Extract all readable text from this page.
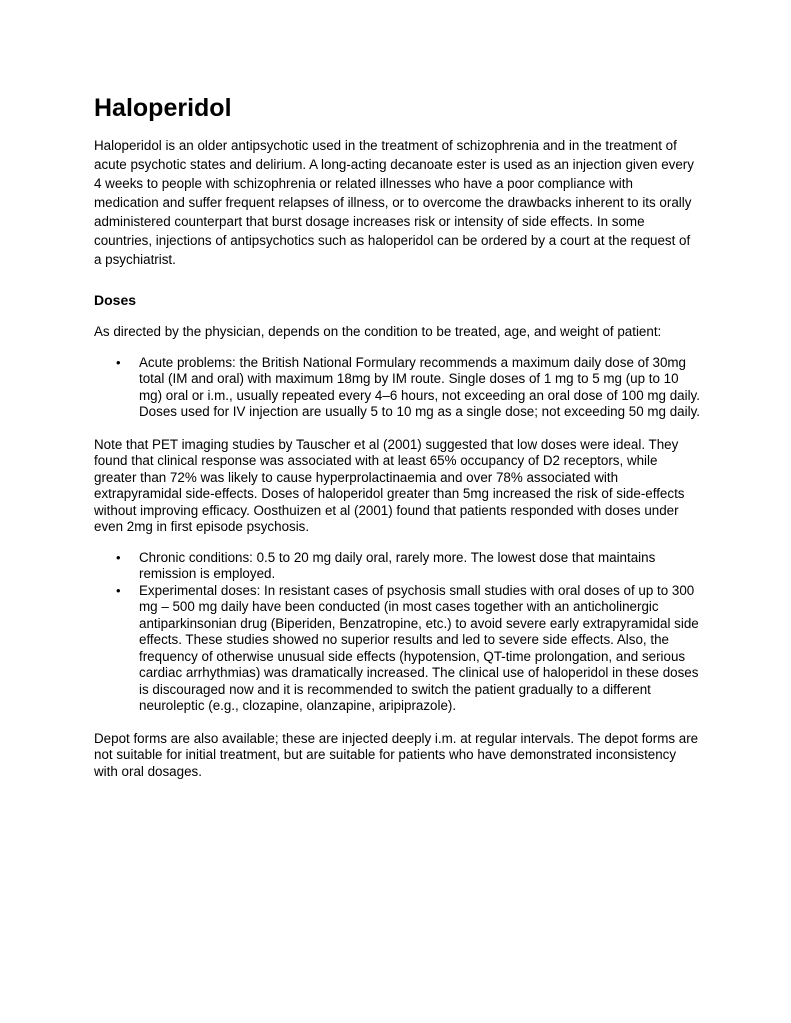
Haloperidol

Haloperidol is an older antipsychotic used in the treatment of schizophrenia and in the treatment of acute psychotic states and delirium. A long-acting decanoate ester is used as an injection given every 4 weeks to people with schizophrenia or related illnesses who have a poor compliance with medication and suffer frequent relapses of illness, or to overcome the drawbacks inherent to its orally administered counterpart that burst dosage increases risk or intensity of side effects. In some countries, injections of antipsychotics such as haloperidol can be ordered by a court at the request of a psychiatrist.

Doses

As directed by the physician, depends on the condition to be treated, age, and weight of patient:

• Acute problems: the British National Formulary recommends a maximum daily dose of 30mg total (IM and oral) with maximum 18mg by IM route. Single doses of 1 mg to 5 mg (up to 10 mg) oral or i.m., usually repeated every 4–6 hours, not exceeding an oral dose of 100 mg daily. Doses used for IV injection are usually 5 to 10 mg as a single dose; not exceeding 50 mg daily.

Note that PET imaging studies by Tauscher et al (2001) suggested that low doses were ideal. They found that clinical response was associated with at least 65% occupancy of D2 receptors, while greater than 72% was likely to cause hyperprolactinaemia and over 78% associated with extrapyramidal side-effects. Doses of haloperidol greater than 5mg increased the risk of side-effects without improving efficacy. Oosthuizen et al (2001) found that patients responded with doses under even 2mg in first episode psychosis.

• Chronic conditions: 0.5 to 20 mg daily oral, rarely more. The lowest dose that maintains remission is employed.
• Experimental doses: In resistant cases of psychosis small studies with oral doses of up to 300 mg – 500 mg daily have been conducted (in most cases together with an anticholinergic antiparkinsonian drug (Biperiden, Benzatropine, etc.) to avoid severe early extrapyramidal side effects. These studies showed no superior results and led to severe side effects. Also, the frequency of otherwise unusual side effects (hypotension, QT-time prolongation, and serious cardiac arrhythmias) was dramatically increased. The clinical use of haloperidol in these doses is discouraged now and it is recommended to switch the patient gradually to a different neuroleptic (e.g., clozapine, olanzapine, aripiprazole).

Depot forms are also available; these are injected deeply i.m. at regular intervals. The depot forms are not suitable for initial treatment, but are suitable for patients who have demonstrated inconsistency with oral dosages.
